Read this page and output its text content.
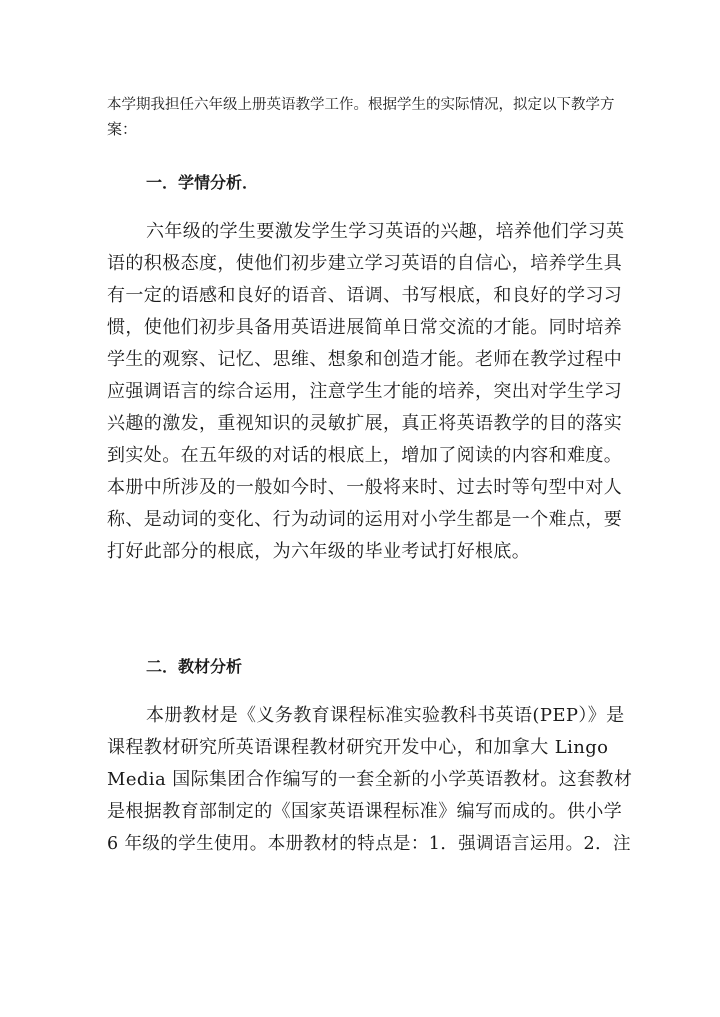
本学期我担任六年级上册英语教学工作。根据学生的实际情况，拟定以下教学方
案：
一．学情分析．
六年级的学生要激发学生学习英语的兴趣，培养他们学习英
语的积极态度，使他们初步建立学习英语的自信心，培养学生具
有一定的语感和良好的语音、语调、书写根底，和良好的学习习
惯，使他们初步具备用英语进展简单日常交流的才能。同时培养
学生的观察、记忆、思维、想象和创造才能。老师在教学过程中
应强调语言的综合运用，注意学生才能的培养，突出对学生学习
兴趣的激发，重视知识的灵敏扩展，真正将英语教学的目的落实
到实处。在五年级的对话的根底上，增加了阅读的内容和难度。
本册中所涉及的一般如今时、一般将来时、过去时等句型中对人
称、是动词的变化、行为动词的运用对小学生都是一个难点，要
打好此部分的根底，为六年级的毕业考试打好根底。
二．教材分析
本册教材是《义务教育课程标准实验教科书英语(PEP）》是
课程教材研究所英语课程教材研究开发中心，和加拿大 Lingo
Media 国际集团合作编写的一套全新的小学英语教材。这套教材
是根据教育部制定的《国家英语课程标准》编写而成的。供小学
6 年级的学生使用。本册教材的特点是：1．强调语言运用。2．注
